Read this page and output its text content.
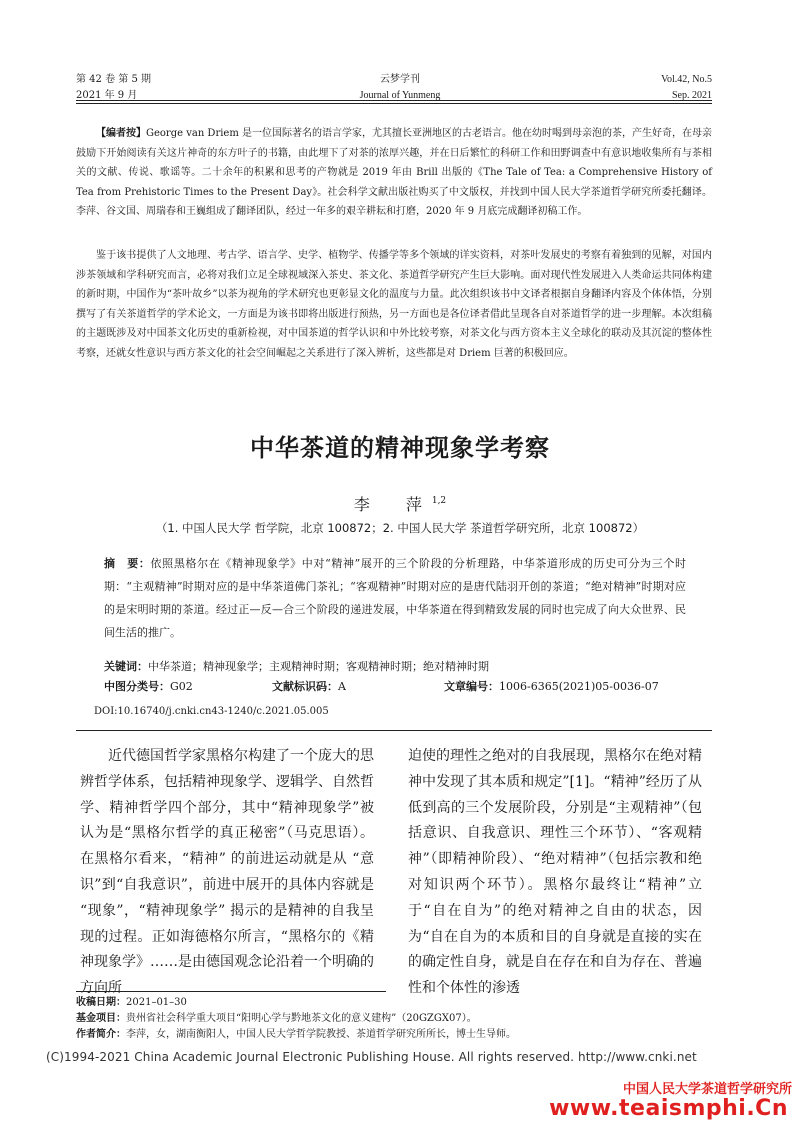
第 42 卷 第 5 期
2021 年 9 月
云梦学刊
Journal of Yunmeng
Vol.42, No.5
Sep. 2021

【编者按】George van Driem 是一位国际著名的语言学家，尤其擅长亚洲地区的古老语言。他在幼时喝到母亲泡的茶，产生好奇，在母亲鼓励下开始阅读有关这片神奇的东方叶子的书籍，由此埋下了对茶的浓厚兴趣，并在日后繁忙的科研工作和田野调查中有意识地收集所有与茶相关的文献、传说、歌谣等。二十余年的积累和思考的产物就是 2019 年由 Brill 出版的《The Tale of Tea: a Comprehensive History of Tea from Prehistoric Times to the Present Day》。社会科学文献出版社购买了中文版权，并找到中国人民大学茶道哲学研究所委托翻译。李萍、谷文国、周瑞春和王巍组成了翻译团队，经过一年多的艰辛耕耘和打磨，2020 年 9 月底完成翻译初稿工作。

鉴于该书提供了人文地理、考古学、语言学、史学、植物学、传播学等多个领域的详实资料，对茶叶发展史的考察有着独到的见解，对国内涉茶领域和学科研究而言，必将对我们立足全球视域深入茶史、茶文化、茶道哲学研究产生巨大影响。面对现代性发展进入人类命运共同体构建的新时期，中国作为“茶叶故乡”以茶为视角的学术研究也更彰显文化的温度与力量。此次组织该书中文译者根据自身翻译内容及个体体悟，分别撰写了有关茶道哲学的学术论文，一方面是为该书即将出版进行预热，另一方面也是各位译者借此呈现各自对茶道哲学的进一步理解。本次组稿的主题既涉及对中国茶文化历史的重新检视，对中国茶道的哲学认识和中外比较考察，对茶文化与西方资本主义全球化的联动及其沉淀的整体性考察，还就女性意识与西方茶文化的社会空间崛起之关系进行了深入辨析，这些都是对 Driem 巨著的积极回应。

中华茶道的精神现象学考察
李　萍$^{1,2}$
（1. 中国人民大学 哲学院，北京 100872；2. 中国人民大学 茶道哲学研究所，北京 100872）

摘　要：依照黑格尔在《精神现象学》中对“精神”展开的三个阶段的分析理路，中华茶道形成的历史可分为三个时期：“主观精神”时期对应的是中华茶道佛门茶礼；“客观精神”时期对应的是唐代陆羽开创的茶道；“绝对精神”时期对应的是宋明时期的茶道。经过正—反—合三个阶段的递进发展，中华茶道在得到精致发展的同时也完成了向大众世界、民间生活的推广。

关键词：中华茶道；精神现象学；主观精神时期；客观精神时期；绝对精神时期
中图分类号：G02	文献标识码：A	文章编号：1006-6365(2021)05-0036-07
DOI:10.16740/j.cnki.cn43-1240/c.2021.05.005

近代德国哲学家黑格尔构建了一个庞大的思辨哲学体系，包括精神现象学、逻辑学、自然哲学、精神哲学四个部分，其中“精神现象学”被认为是“黑格尔哲学的真正秘密”（马克思语）。在黑格尔看来，“精神” 的前进运动就是从 “意识”到“自我意识”，前进中展开的具体内容就是 “现象”，“精神现象学” 揭示的是精神的自我呈现的过程。正如海德格尔所言，“黑格尔的《精神现象学》……是由德国观念论沿着一个明确的方向所

迫使的理性之绝对的自我展现，黑格尔在绝对精神中发现了其本质和规定”[1]。“精神”经历了从低到高的三个发展阶段，分别是“主观精神”（包括意识、自我意识、理性三个环节）、“客观精神”（即精神阶段）、“绝对精神”（包括宗教和绝对知识两个环节）。黑格尔最终让“精神”立于“自在自为”的绝对精神之自由的状态，因为“自在自为的本质和目的自身就是直接的实在的确定性自身，就是自在存在和自为存在、普遍性和个体性的渗透

收稿日期：2021–01–30
基金项目：贵州省社会科学重大项目“阳明心学与黔地茶文化的意义建构”（20GZGX07）。
作者简介：李萍，女，湖南衡阳人，中国人民大学哲学院教授、茶道哲学研究所所长，博士生导师。
(C)1994-2021 China Academic Journal Electronic Publishing House. All rights reserved. http://www.cnki.net
中国人民大学茶道哲学研究所
www.teaismphi.Cn
